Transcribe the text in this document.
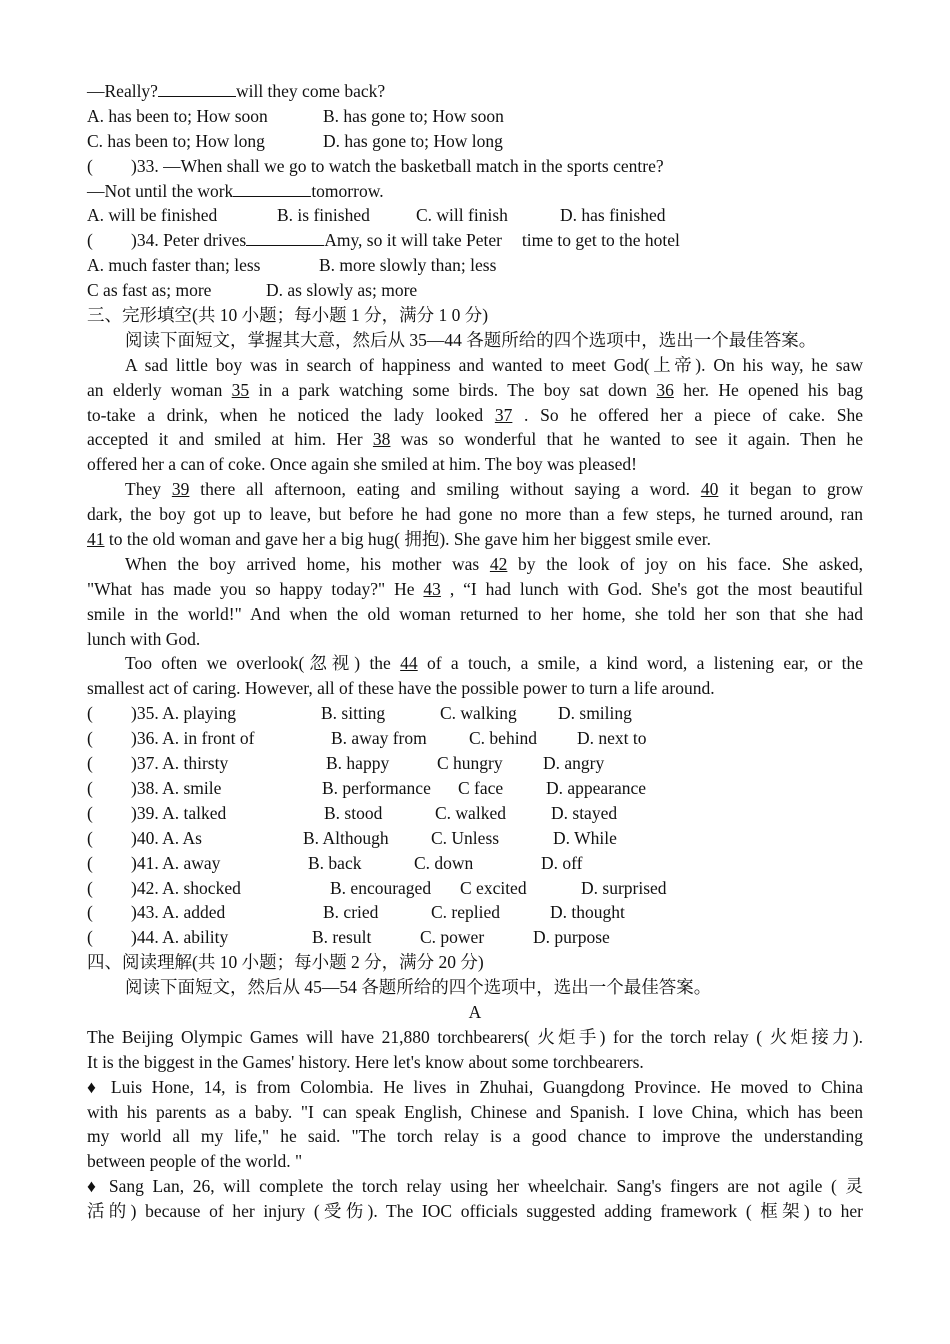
—Really?	will they come back?
A. has been to; How soon	B. has gone to; How soon
C. has been to; How long	D. has gone to; How long
( )33. —When shall we go to watch the basketball match in the sports centre?
—Not until the work	tomorrow.
A. will be finished	B. is finished	C. will finish	D. has finished
( )34. Peter drives	Amy, so it will take Peter time to get to the hotel
A. much faster than; less	B. more slowly than; less
C as fast as; more	D. as slowly as; more
三、完形填空(共 10 小题；每小题 1 分，满分 1 0 分)
阅读下面短文，掌握其大意，然后从 35—44 各题所给的四个选项中，选出一个最佳答案。
A sad little boy was in search of happiness and wanted to meet God(上帝). On his way, he saw
an elderly woman 35 in a park watching some birds. The boy sat down 36 her. He opened his bag
to-take a drink, when he noticed the lady looked 37 . So he offered her a piece of cake. She
accepted it and smiled at him. Her 38 was so wonderful that he wanted to see it again. Then he
offered her a can of coke. Once again she smiled at him. The boy was pleased!
They 39 there all afternoon, eating and smiling without saying a word. 40 it began to grow
dark, the boy got up to leave, but before he had gone no more than a few steps, he turned around, ran
41 to the old woman and gave her a big hug( 拥抱). She gave him her biggest smile ever.
When the boy arrived home, his mother was 42 by the look of joy on his face. She asked,
"What has made you so happy today?" He 43 , “I had lunch with God. She's got the most beautiful
smile in the world!" And when the old woman returned to her home, she told her son that she had
lunch with God.
Too often we overlook(忽视) the 44 of a touch, a smile, a kind word, a listening ear, or the
smallest act of caring. However, all of these have the possible power to turn a life around.
( )35. A. playing	B. sitting	C. walking D. smiling
( )36. A. in front of	B. away from C. behind D. next to
( )37. A. thirsty	B. happy	C hungry D. angry
( )38. A. smile	B. performance C face D. appearance
( )39. A. talked	B. stood	C. walked	D. stayed
( )40. A. As	B. Although C. Unless	D. While
( )41. A. away	B. back	C. down	D. off
( )42. A. shocked	B. encouraged C excited	D. surprised
( )43. A. added	B. cried	C. replied	D. thought
( )44. A. ability	B. result	C. power	D. purpose
四、阅读理解(共 10 小题；每小题 2 分，满分 20 分)
阅读下面短文，然后从 45—54 各题所给的四个选项中，选出一个最佳答案。
A
The Beijing Olympic Games will have 21,880 torchbearers( 火炬手) for the torch relay ( 火炬接力).
It is the biggest in the Games' history. Here let's know about some torchbearers.
♦ Luis Hone, 14, is from Colombia. He lives in Zhuhai, Guangdong Province. He moved to China
with his parents as a baby. "I can speak English, Chinese and Spanish. I love China, which has been
my world all my life," he said. "The torch relay is a good chance to improve the understanding
between people of the world. "
♦ Sang Lan, 26, will complete the torch relay using her wheelchair. Sang's fingers are not agile ( 灵
活的) because of her injury (受伤). The IOC officials suggested adding framework ( 框架) to her
